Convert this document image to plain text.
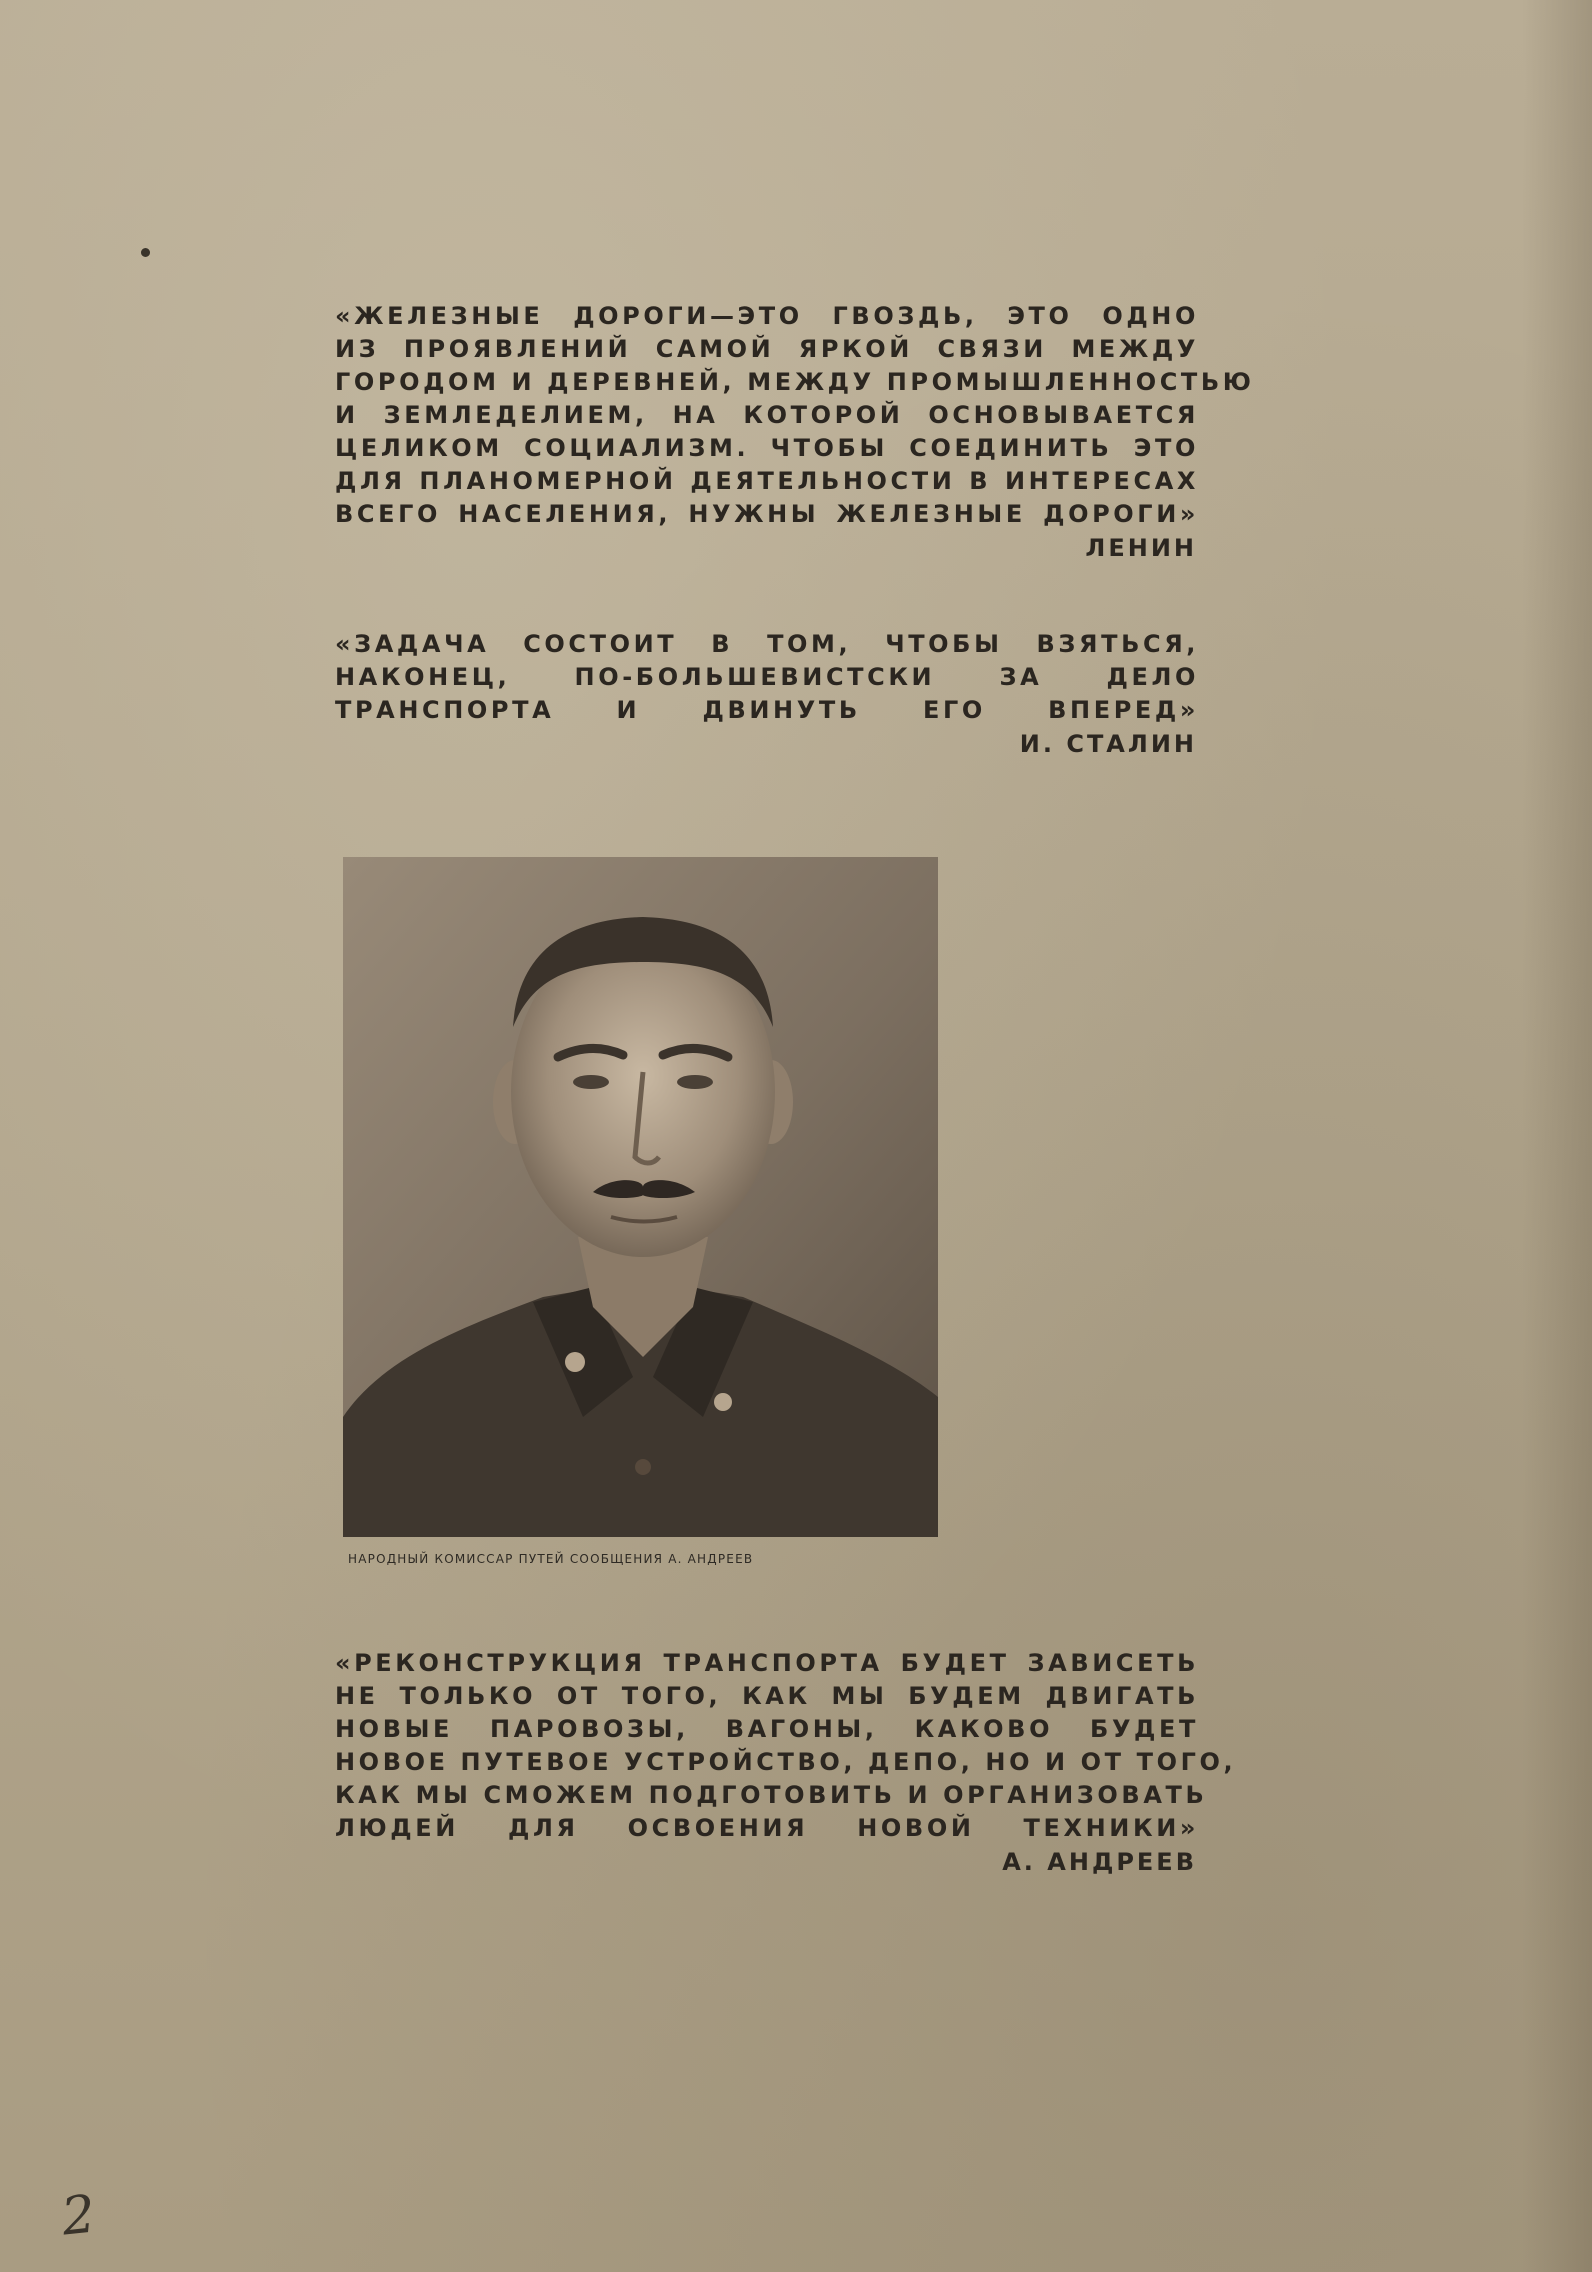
«ЖЕЛЕЗНЫЕ ДОРОГИ—ЭТО ГВОЗДЬ, ЭТО ОДНО
ИЗ ПРОЯВЛЕНИЙ САМОЙ ЯРКОЙ СВЯЗИ МЕЖДУ
ГОРОДОМ И ДЕРЕВНЕЙ, МЕЖДУ ПРОМЫШЛЕННОСТЬЮ
И ЗЕМЛЕДЕЛИЕМ, НА КОТОРОЙ ОСНОВЫВАЕТСЯ
ЦЕЛИКОМ СОЦИАЛИЗМ. ЧТОБЫ СОЕДИНИТЬ ЭТО
ДЛЯ ПЛАНОМЕРНОЙ ДЕЯТЕЛЬНОСТИ В ИНТЕРЕСАХ
ВСЕГО НАСЕЛЕНИЯ, НУЖНЫ ЖЕЛЕЗНЫЕ ДОРОГИ»
ЛЕНИН
«ЗАДАЧА СОСТОИТ В ТОМ, ЧТОБЫ ВЗЯТЬСЯ,
НАКОНЕЦ, ПО-БОЛЬШЕВИСТСКИ ЗА ДЕЛО
ТРАНСПОРТА И ДВИНУТЬ ЕГО ВПЕРЕД»
И. СТАЛИН
НАРОДНЫЙ КОМИССАР ПУТЕЙ СООБЩЕНИЯ А. АНДРЕЕВ
«РЕКОНСТРУКЦИЯ ТРАНСПОРТА БУДЕТ ЗАВИСЕТЬ
НЕ ТОЛЬКО ОТ ТОГО, КАК МЫ БУДЕМ ДВИГАТЬ
НОВЫЕ ПАРОВОЗЫ, ВАГОНЫ, КАКОВО БУДЕТ
НОВОЕ ПУТЕВОЕ УСТРОЙСТВО, ДЕПО, НО И ОТ ТОГО,
КАК МЫ СМОЖЕМ ПОДГОТОВИТЬ И ОРГАНИЗОВАТЬ
ЛЮДЕЙ ДЛЯ ОСВОЕНИЯ НОВОЙ ТЕХНИКИ»
А. АНДРЕЕВ
2
